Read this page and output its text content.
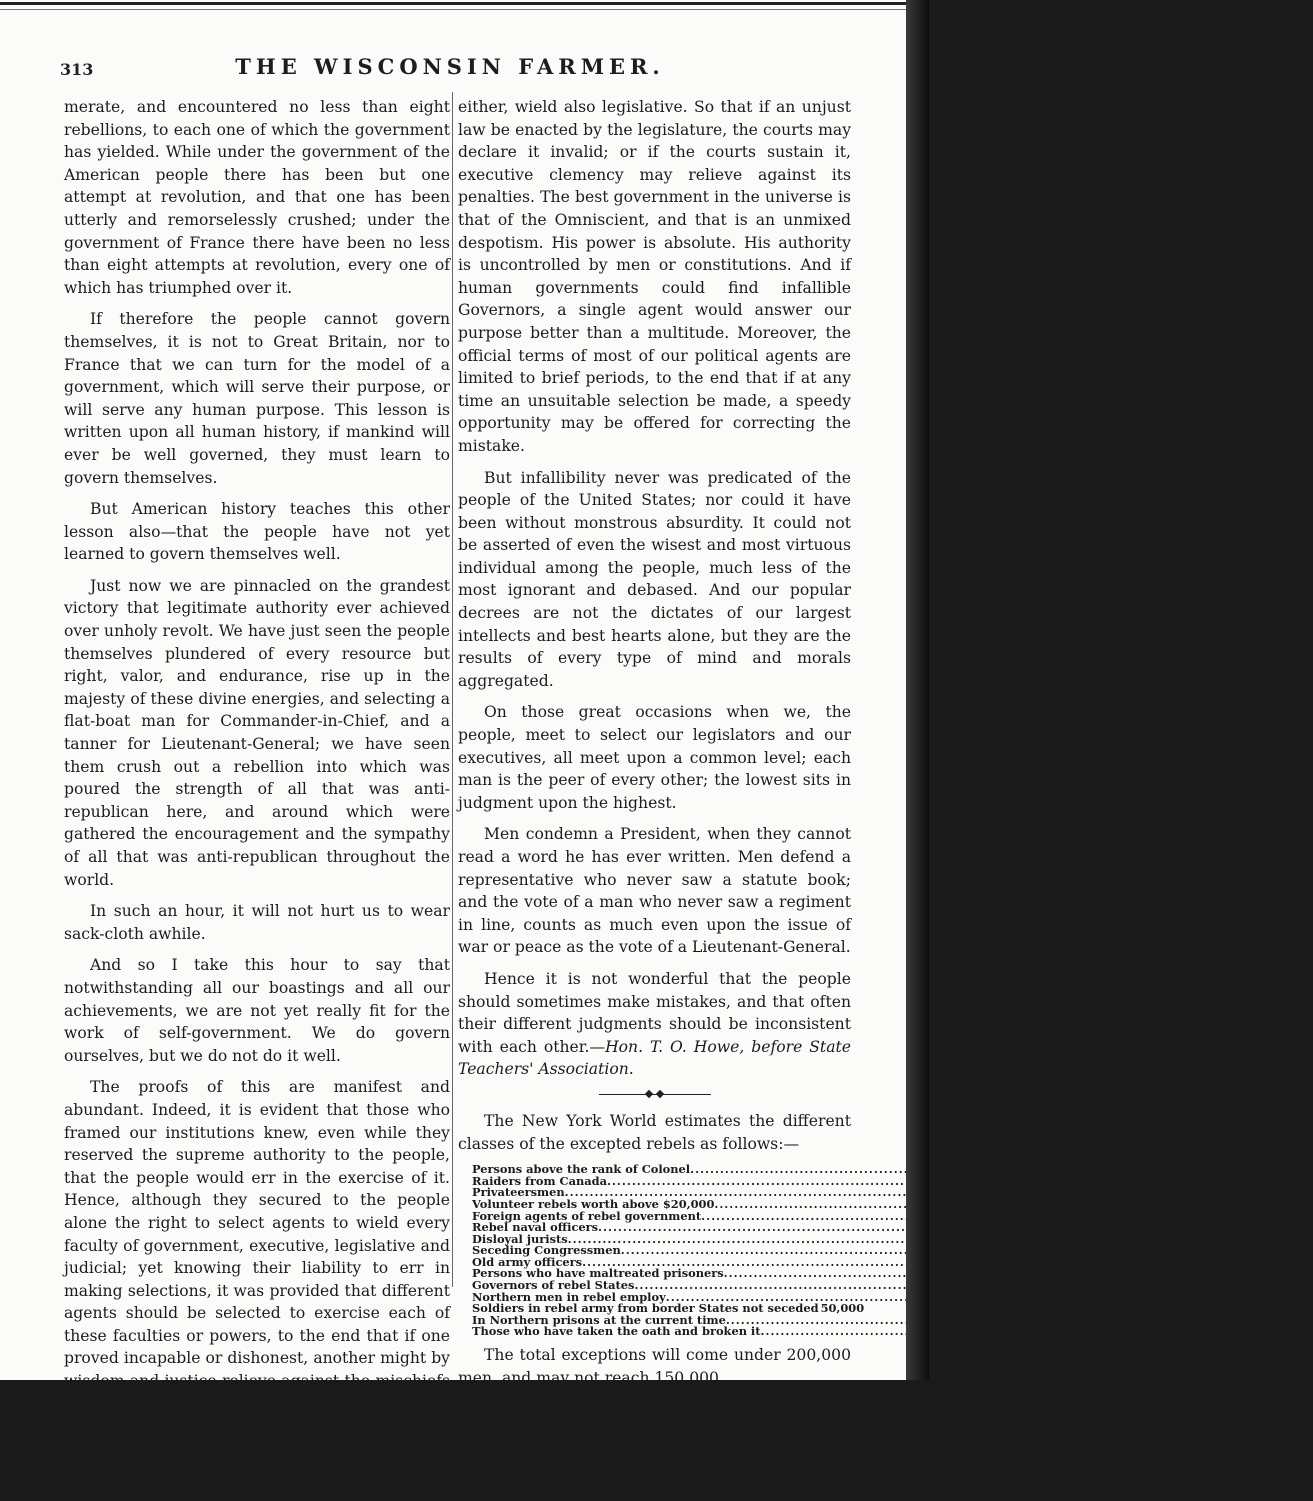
313	THE WISCONSIN FARMER.

merate, and encountered no less than eight rebellions, to each one of which the government has yielded. While under the government of the American people there has been but one attempt at revolution, and that one has been utterly and remorselessly crushed; under the government of France there have been no less than eight attempts at revolution, every one of which has triumphed over it.

If therefore the people cannot govern themselves, it is not to Great Britain, nor to France that we can turn for the model of a government, which will serve their purpose, or will serve any human purpose. This lesson is written upon all human history, if mankind will ever be well governed, they must learn to govern themselves.

But American history teaches this other lesson also—that the people have not yet learned to govern themselves well.

Just now we are pinnacled on the grandest victory that legitimate authority ever achieved over unholy revolt. We have just seen the people themselves plundered of every resource but right, valor, and endurance, rise up in the majesty of these divine energies, and selecting a flat-boat man for Commander-in-Chief, and a tanner for Lieutenant-General; we have seen them crush out a rebellion into which was poured the strength of all that was anti-republican here, and around which were gathered the encouragement and the sympathy of all that was anti-republican throughout the world.

In such an hour, it will not hurt us to wear sack-cloth awhile.

And so I take this hour to say that notwithstanding all our boastings and all our achievements, we are not yet really fit for the work of self-government. We do govern ourselves, but we do not do it well.

The proofs of this are manifest and abundant. Indeed, it is evident that those who framed our institutions knew, even while they reserved the supreme authority to the people, that the people would err in the exercise of it. Hence, although they secured to the people alone the right to select agents to wield every faculty of government, executive, legislative and judicial; yet knowing their liability to err in making selections, it was provided that different agents should be selected to exercise each of these faculties or powers, to the end that if one proved incapable or dishonest, another might by wisdom and justice relieve against the mischiefs of such a selection.

The same agents cannot wield both executive and judicial power, nor can those who wield

either, wield also legislative. So that if an unjust law be enacted by the legislature, the courts may declare it invalid; or if the courts sustain it, executive clemency may relieve against its penalties. The best government in the universe is that of the Omniscient, and that is an unmixed despotism. His power is absolute. His authority is uncontrolled by men or constitutions. And if human governments could find infallible Governors, a single agent would answer our purpose better than a multitude. Moreover, the official terms of most of our political agents are limited to brief periods, to the end that if at any time an unsuitable selection be made, a speedy opportunity may be offered for correcting the mistake.

But infallibility never was predicated of the people of the United States; nor could it have been without monstrous absurdity. It could not be asserted of even the wisest and most virtuous individual among the people, much less of the most ignorant and debased. And our popular decrees are not the dictates of our largest intellects and best hearts alone, but they are the results of every type of mind and morals aggregated.

On those great occasions when we, the people, meet to select our legislators and our executives, all meet upon a common level; each man is the peer of every other; the lowest sits in judgment upon the highest.

Men condemn a President, when they cannot read a word he has ever written. Men defend a representative who never saw a statute book; and the vote of a man who never saw a regiment in line, counts as much even upon the issue of war or peace as the vote of a Lieutenant-General.

Hence it is not wonderful that the people should sometimes make mistakes, and that often their different judgments should be inconsistent with each other.—Hon. T. O. Howe, before State Teachers' Association.

The New York World estimates the different classes of the excepted rebels as follows:—

Persons above the rank of Colonel .....	400
Raiders from Canada .....	2,000
Privateersmen .....	3,500
Volunteer rebels worth above $20,000 .....	60,000
Foreign agents of rebel government .....	200
Rebel naval officers .....	150
Disloyal jurists .....	80
Seceding Congressmen .....	149
Old army officers .....	159
Persons who have maltreated prisoners .....	800
Governors of rebel States .....	19
Northern men in rebel employ .....	400
Soldiers in rebel army from border States not seceded 50,000
In Northern prisons at the current time .....	28,000
Those who have taken the oath and broken it .....	30,000

The total exceptions will come under 200,000 men, and may not reach 150,000.
